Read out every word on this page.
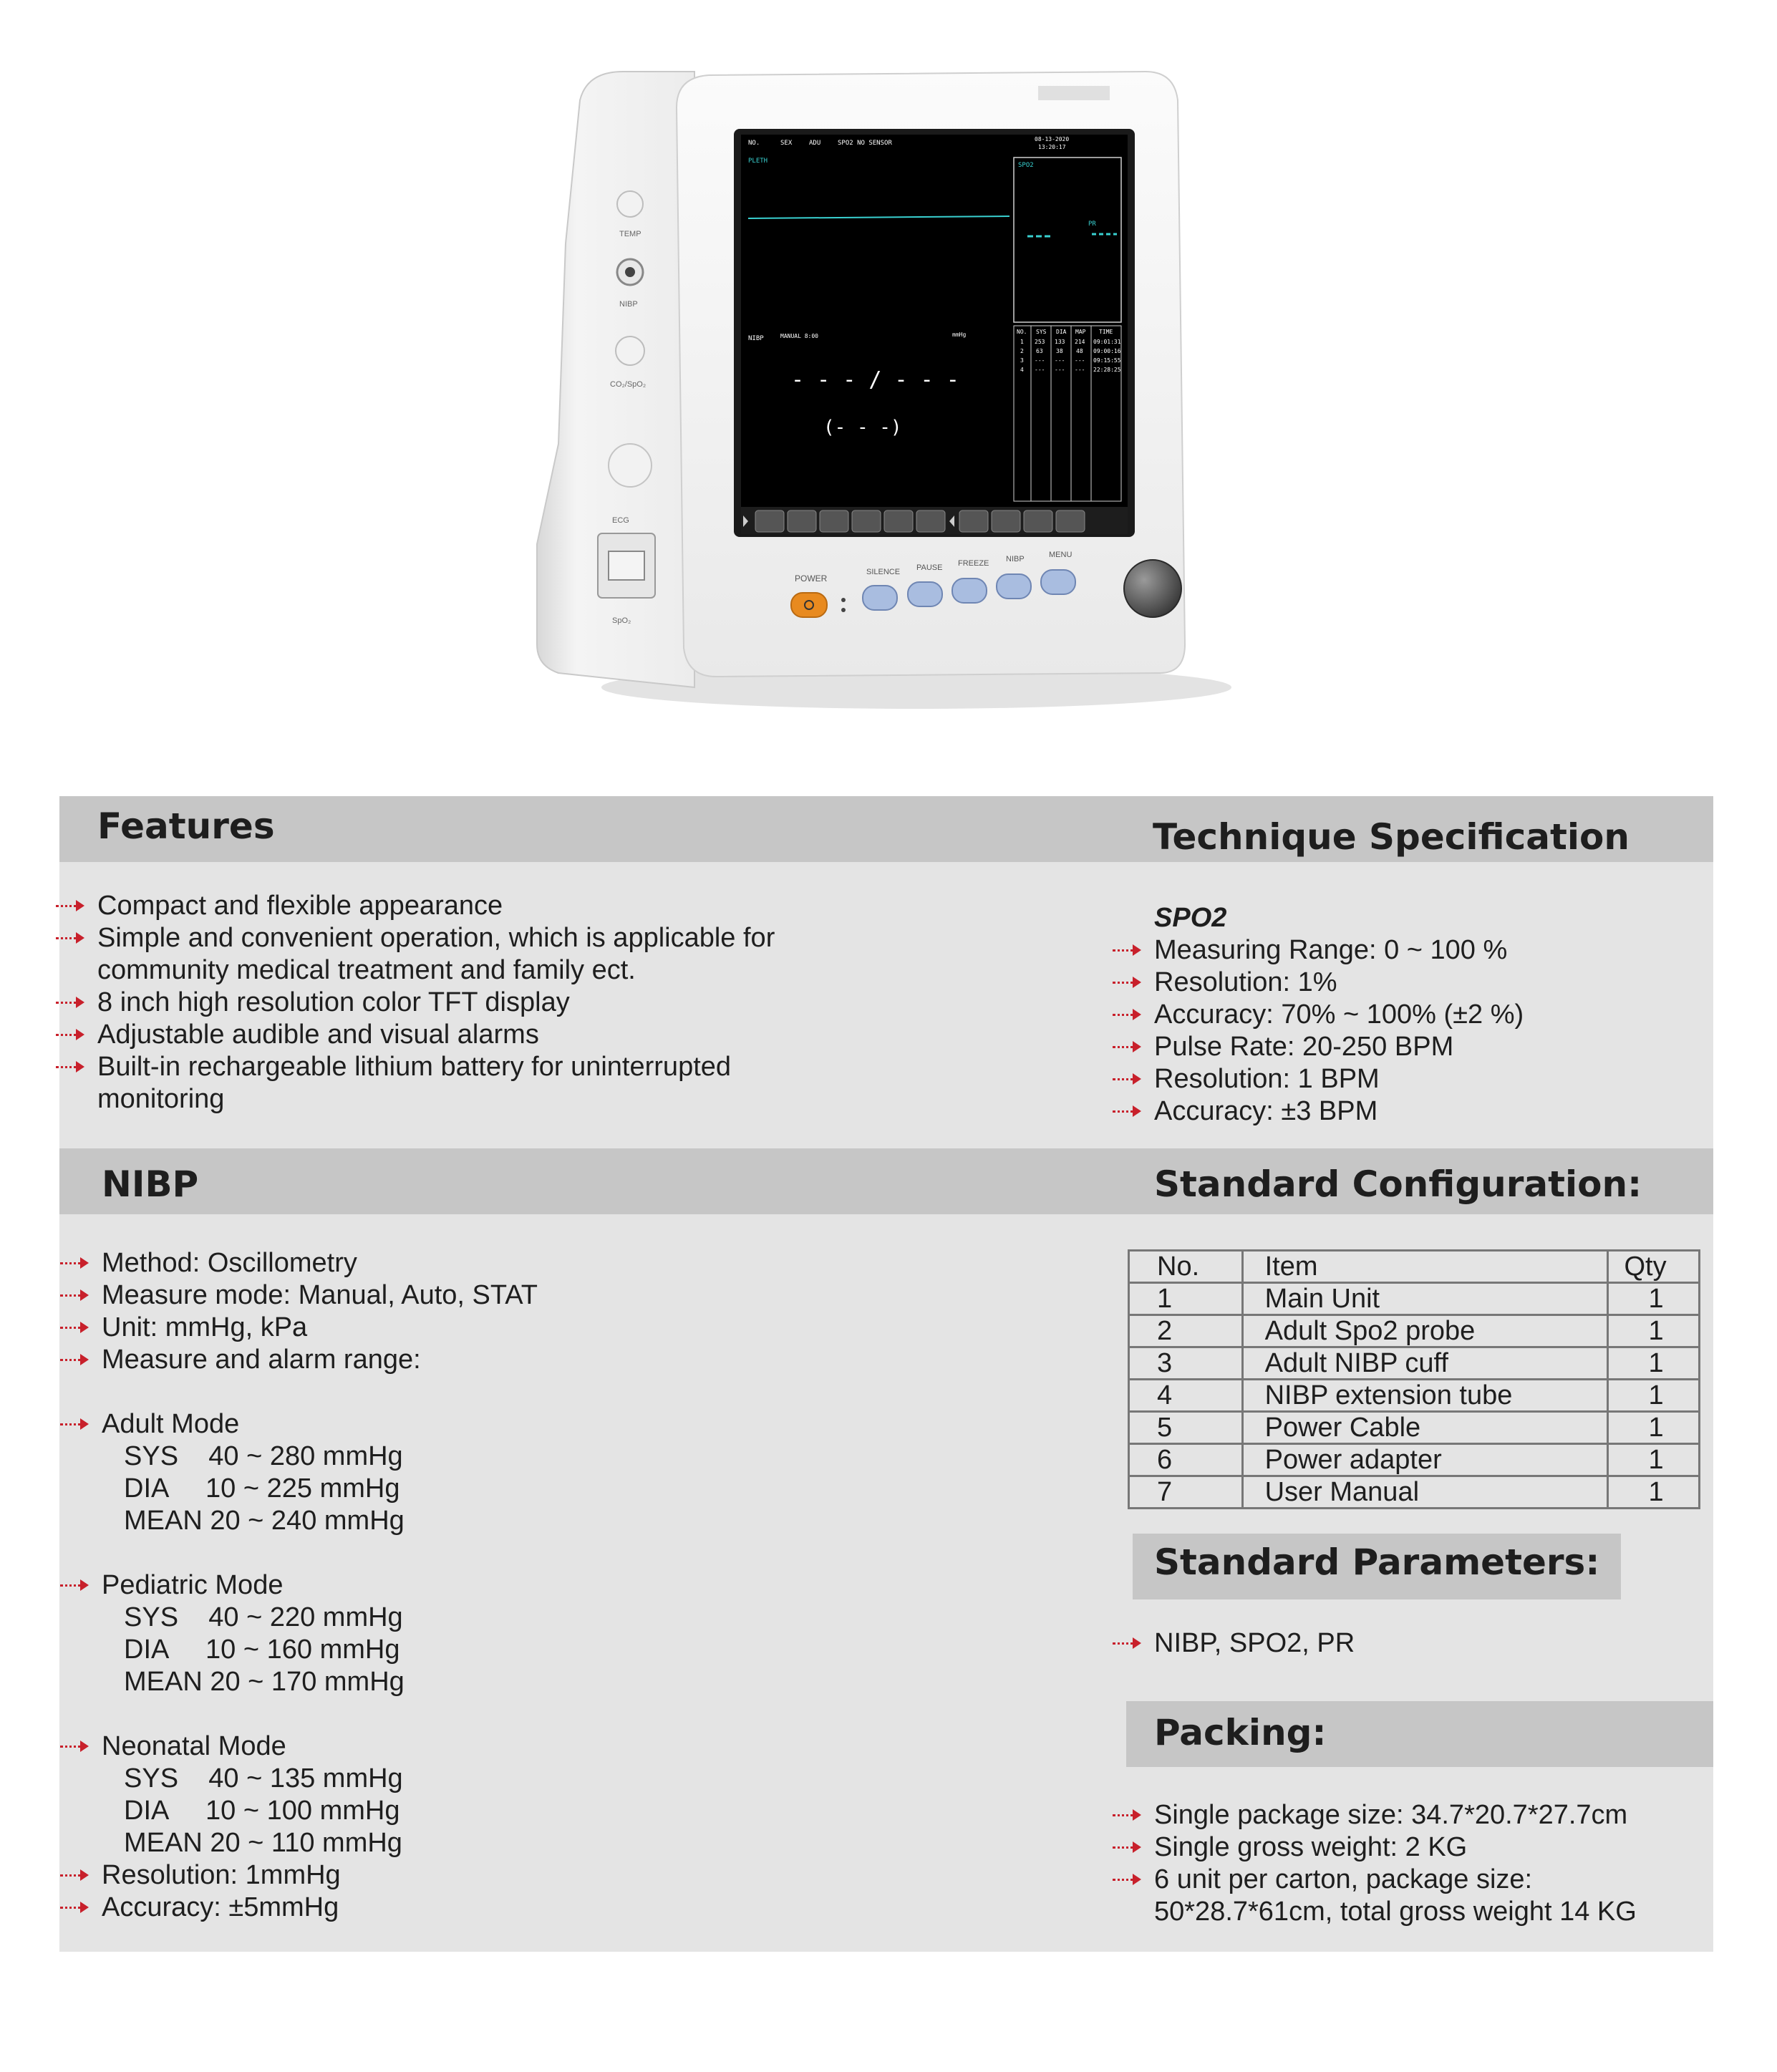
TEMP
NIBP
CO₂/SpO₂
ECG
SpO₂
NO.	SEX	ADU	SPO2 NO SENSOR
08-13-2020
13:20:17
PLETH
SPO2
PR
NIBP	MANUAL 8:00	mmHg
- - - / - - -
(- - -)
NO. SYS DIA MAP TIME
1 253 133 214 09:01:31
2 63 38 48 09:00:16
3 --- --- --- 09:15:55
4 --- --- --- 22:28:25
POWER
SILENCE PAUSE FREEZE NIBP	MENU
Features	Technique Specification
Compact and flexible appearance
Simple and convenient operation, which is applicable for
community medical treatment and family ect.
8 inch high resolution color TFT display
Adjustable audible and visual alarms
Built-in rechargeable lithium battery for uninterrupted
monitoring
SPO2
Measuring Range: 0 ~ 100 %
Resolution: 1%
Accuracy: 70% ~ 100% (±2 %)
Pulse Rate: 20-250 BPM
Resolution: 1 BPM
Accuracy: ±3 BPM
NIBP	Standard Configuration:
Method: Oscillometry
Measure mode: Manual, Auto, STAT
Unit: mmHg, kPa
Measure and alarm range:
Adult Mode
SYS    40 ~ 280 mmHg
DIA     10 ~ 225 mmHg
MEAN 20 ~ 240 mmHg
Pediatric Mode
SYS    40 ~ 220 mmHg
DIA     10 ~ 160 mmHg
MEAN 20 ~ 170 mmHg
Neonatal Mode
SYS    40 ~ 135 mmHg
DIA     10 ~ 100 mmHg
MEAN 20 ~ 110 mmHg
Resolution: 1mmHg
Accuracy: ±5mmHg
No.	Item	Qty
1	Main Unit	1
2	Adult Spo2 probe	1
3	Adult NIBP cuff	1
4	NIBP extension tube	1
5	Power Cable	1
6	Power adapter	1
7	User Manual	1
Standard Parameters:
NIBP, SPO2, PR
Packing:
Single package size: 34.7*20.7*27.7cm
Single gross weight: 2 KG
6 unit per carton, package size:
50*28.7*61cm, total gross weight 14 KG
